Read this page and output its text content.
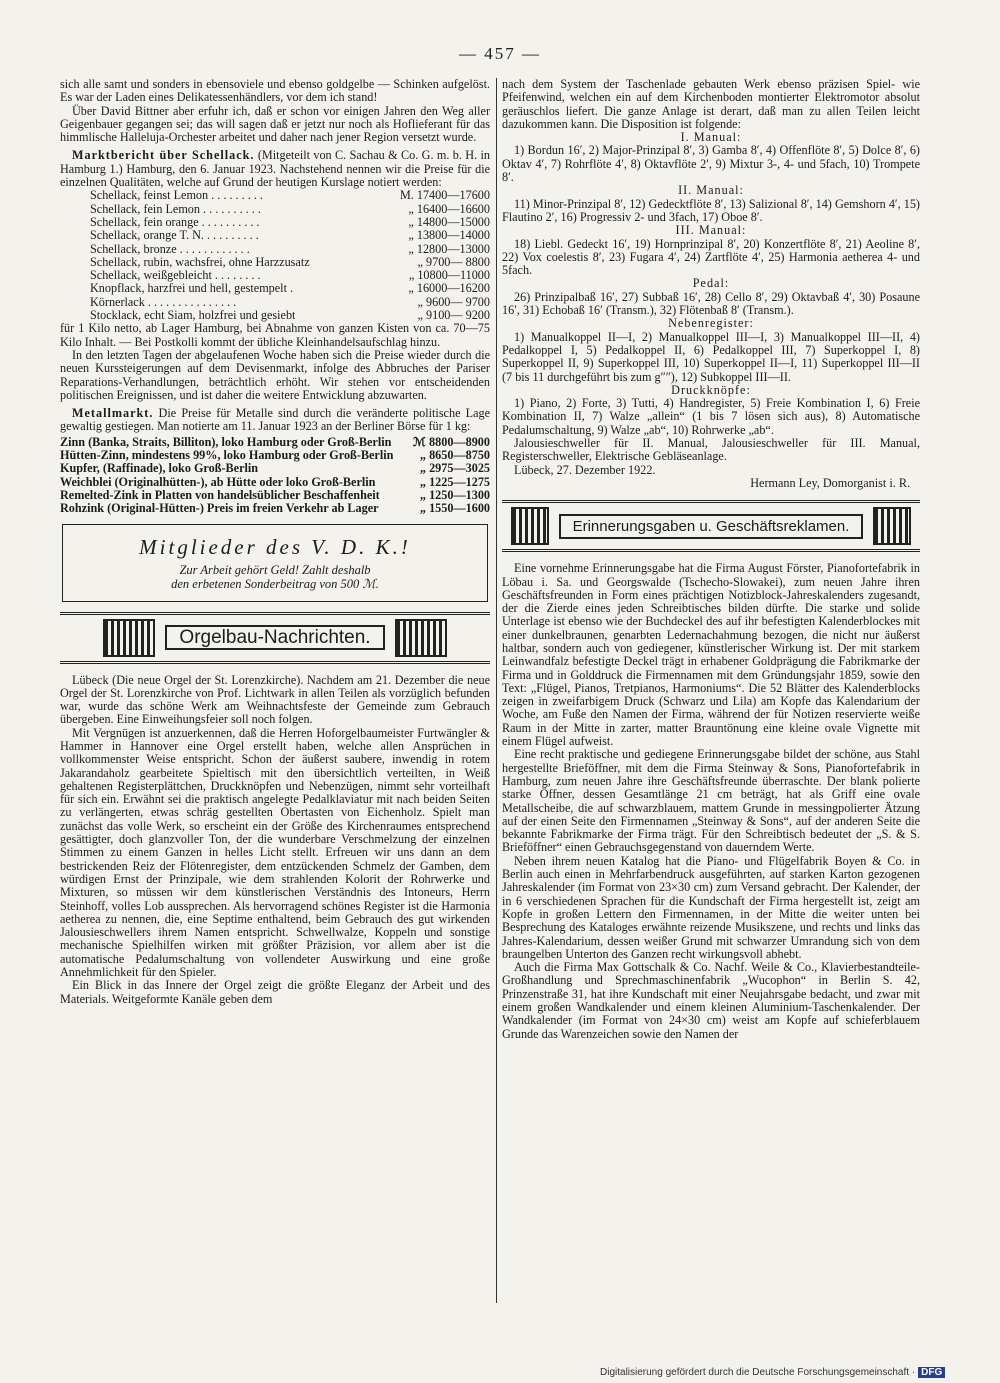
— 457 —

sich alle samt und sonders in ebensoviele und ebenso goldgelbe — Schinken aufgelöst. Es war der Laden eines Delikatessenhändlers, vor dem ich stand!

Über David Bittner aber erfuhr ich, daß er schon vor einigen Jahren den Weg aller Geigenbauer gegangen sei; das will sagen daß er jetzt nur noch als Hoflieferant für das himmlische Halleluja-Orchester arbeitet und daher nach jener Region versetzt wurde.

Marktbericht über Schellack. (Mitgeteilt von C. Sachau & Co. G. m. b. H. in Hamburg 1.) Hamburg, den 6. Januar 1923. Nachstehend nennen wir die Preise für die einzelnen Qualitäten, welche auf Grund der heutigen Kurslage notiert werden:

Schellack, feinst Lemon . . . . . . . . .	M. 17400—17600
Schellack, fein Lemon . . . . . . . . . .	„ 16400—16600
Schellack, fein orange . . . . . . . . . .	„ 14800—15000
Schellack, orange T. N. . . . . . . . . .	„ 13800—14000
Schellack, bronze . . . . . . . . . . . .	„ 12800—13000
Schellack, rubin, wachsfrei, ohne Harzzusatz	„ 9700— 8800
Schellack, weißgebleicht . . . . . . . .	„ 10800—11000
Knopflack, harzfrei und hell, gestempelt .	„ 16000—16200
Körnerlack . . . . . . . . . . . . . . .	„ 9600— 9700
Stocklack, echt Siam, holzfrei und gesiebt	„ 9100— 9200

für 1 Kilo netto, ab Lager Hamburg, bei Abnahme von ganzen Kisten von ca. 70—75 Kilo Inhalt. — Bei Postkolli kommt der übliche Kleinhandelsaufschlag hinzu.

In den letzten Tagen der abgelaufenen Woche haben sich die Preise wieder durch die neuen Kurssteigerungen auf dem Devisenmarkt, infolge des Abbruches der Pariser Reparations-Verhandlungen, beträchtlich erhöht. Wir stehen vor entscheidenden politischen Ereignissen, und ist daher die weitere Entwicklung abzuwarten.

Metallmarkt. Die Preise für Metalle sind durch die veränderte politische Lage gewaltig gestiegen. Man notierte am 11. Januar 1923 an der Berliner Börse für 1 kg:

Zinn (Banka, Straits, Billiton), loko Hamburg oder Groß-Berlin	ℳ 8800—8900
Hütten-Zinn, mindestens 99%, loko Hamburg oder Groß-Berlin	„ 8650—8750
Kupfer, (Raffinade), loko Groß-Berlin	„ 2975—3025
Weichblei (Originalhütten-), ab Hütte oder loko Groß-Berlin	„ 1225—1275
Remelted-Zink in Platten von handelsüblicher Beschaffenheit	„ 1250—1300
Rohzink (Original-Hütten-) Preis im freien Verkehr ab Lager	„ 1550—1600
Mitglieder des V. D. K.!
Zur Arbeit gehört Geld! Zahlt deshalb
den erbetenen Sonderbeitrag von 500 ℳ.
Orgelbau-Nachrichten.

Lübeck (Die neue Orgel der St. Lorenzkirche). Nachdem am 21. Dezember die neue Orgel der St. Lorenzkirche von Prof. Lichtwark in allen Teilen als vorzüglich befunden war, wurde das schöne Werk am Weihnachtsfeste der Gemeinde zum Gebrauch übergeben. Eine Einweihungsfeier soll noch folgen.

Mit Vergnügen ist anzuerkennen, daß die Herren Hoforgelbaumeister Furtwängler & Hammer in Hannover eine Orgel erstellt haben, welche allen Ansprüchen in vollkommenster Weise entspricht. Schon der äußerst saubere, inwendig in rotem Jakarandaholz gearbeitete Spieltisch mit den übersichtlich verteilten, in Weiß gehaltenen Registerplättchen, Druckknöpfen und Nebenzügen, nimmt sehr vorteilhaft für sich ein. Erwähnt sei die praktisch angelegte Pedalklaviatur mit nach beiden Seiten zu verlängerten, etwas schräg gestellten Obertasten von Eichenholz. Spielt man zunächst das volle Werk, so erscheint ein der Größe des Kirchenraumes entsprechend gesättigter, doch glanzvoller Ton, der die wunderbare Verschmelzung der einzelnen Stimmen zu einem Ganzen in helles Licht stellt. Erfreuen wir uns dann an dem bestrickenden Reiz der Flötenregister, dem entzückenden Schmelz der Gamben, dem würdigen Ernst der Prinzipale, wie dem strahlenden Kolorit der Rohrwerke und Mixturen, so müssen wir dem künstlerischen Verständnis des Intoneurs, Herrn Steinhoff, volles Lob aussprechen. Als hervorragend schönes Register ist die Harmonia aetherea zu nennen, die, eine Septime enthaltend, beim Gebrauch des gut wirkenden Jalousieschwellers ihrem Namen entspricht. Schwellwalze, Koppeln und sonstige mechanische Spielhilfen wirken mit größter Präzision, vor allem aber ist die automatische Pedalumschaltung von vollendeter Auswirkung und eine große Annehmlichkeit für den Spieler.

Ein Blick in das Innere der Orgel zeigt die größte Eleganz der Arbeit und des Materials. Weitgeformte Kanäle geben dem

nach dem System der Taschenlade gebauten Werk ebenso präzisen Spiel- wie Pfeifenwind, welchen ein auf dem Kirchenboden montierter Elektromotor absolut geräuschlos liefert. Die ganze Anlage ist derart, daß man zu allen Teilen leicht dazukommen kann. Die Disposition ist folgende:

I. Manual:

1) Bordun 16′, 2) Major-Prinzipal 8′, 3) Gamba 8′, 4) Offenflöte 8′, 5) Dolce 8′, 6) Oktav 4′, 7) Rohrflöte 4′, 8) Oktavflöte 2′, 9) Mixtur 3-, 4- und 5fach, 10) Trompete 8′.

II. Manual:

11) Minor-Prinzipal 8′, 12) Gedecktflöte 8′, 13) Salizional 8′, 14) Gemshorn 4′, 15) Flautino 2′, 16) Progressiv 2- und 3fach, 17) Oboe 8′.

III. Manual:

18) Liebl. Gedeckt 16′, 19) Hornprinzipal 8′, 20) Konzertflöte 8′, 21) Aeoline 8′, 22) Vox coelestis 8′, 23) Fugara 4′, 24) Zartflöte 4′, 25) Harmonia aetherea 4- und 5fach.

Pedal:

26) Prinzipalbaß 16′, 27) Subbaß 16′, 28) Cello 8′, 29) Oktavbaß 4′, 30) Posaune 16′, 31) Echobaß 16′ (Transm.), 32) Flötenbaß 8′ (Transm.).

Nebenregister:

1) Manualkoppel II—I, 2) Manualkoppel III—I, 3) Manualkoppel III—II, 4) Pedalkoppel I, 5) Pedalkoppel II, 6) Pedalkoppel III, 7) Superkoppel I, 8) Superkoppel II, 9) Superkoppel III, 10) Superkoppel II—I, 11) Superkoppel III—II (7 bis 11 durchgeführt bis zum g″″), 12) Subkoppel III—II.

Druckknöpfe:

1) Piano, 2) Forte, 3) Tutti, 4) Handregister, 5) Freie Kombination I, 6) Freie Kombination II, 7) Walze „allein“ (1 bis 7 lösen sich aus), 8) Automatische Pedalumschaltung, 9) Walze „ab“, 10) Rohrwerke „ab“.

Jalousieschweller für II. Manual, Jalousieschweller für III. Manual, Registerschweller, Elektrische Gebläseanlage.

Lübeck, 27. Dezember 1922.

Hermann Ley, Domorganist i. R.

Erinnerungsgaben u. Geschäftsreklamen.

Eine vornehme Erinnerungsgabe hat die Firma August Förster, Pianofortefabrik in Löbau i. Sa. und Georgswalde (Tschecho-Slowakei), zum neuen Jahre ihren Geschäftsfreunden in Form eines prächtigen Notizblock-Jahreskalenders zugesandt, der die Zierde eines jeden Schreibtisches bilden dürfte. Die starke und solide Unterlage ist ebenso wie der Buchdeckel des auf ihr befestigten Kalenderblockes mit einer dunkelbraunen, genarbten Ledernachahmung bezogen, die nicht nur äußerst haltbar, sondern auch von gediegener, künstlerischer Wirkung ist. Der mit starkem Leinwandfalz befestigte Deckel trägt in erhabener Goldprägung die Fabrikmarke der Firma und in Golddruck die Firmennamen mit dem Gründungsjahr 1859, sowie den Text: „Flügel, Pianos, Tretpianos, Harmoniums“. Die 52 Blätter des Kalenderblocks zeigen in zweifarbigem Druck (Schwarz und Lila) am Kopfe das Kalendarium der Woche, am Fuße den Namen der Firma, während der für Notizen reservierte weiße Raum in der Mitte in zarter, matter Brauntönung eine kleine ovale Vignette mit einem Flügel aufweist.

Eine recht praktische und gediegene Erinnerungsgabe bildet der schöne, aus Stahl hergestellte Brieföffner, mit dem die Firma Steinway & Sons, Pianofortefabrik in Hamburg, zum neuen Jahre ihre Geschäftsfreunde überraschte. Der blank polierte starke Öffner, dessen Gesamtlänge 21 cm beträgt, hat als Griff eine ovale Metallscheibe, die auf schwarzblauem, mattem Grunde in messingpolierter Ätzung auf der einen Seite den Firmennamen „Steinway & Sons“, auf der anderen Seite die bekannte Fabrikmarke der Firma trägt. Für den Schreibtisch bedeutet der „S. & S. Brieföffner“ einen Gebrauchsgegenstand von dauerndem Werte.

Neben ihrem neuen Katalog hat die Piano- und Flügelfabrik Boyen & Co. in Berlin auch einen in Mehrfarbendruck ausgeführten, auf starken Karton gezogenen Jahreskalender (im Format von 23×30 cm) zum Versand gebracht. Der Kalender, der in 6 verschiedenen Sprachen für die Kundschaft der Firma hergestellt ist, zeigt am Kopfe in großen Lettern den Firmennamen, in der Mitte die weiter unten bei Besprechung des Kataloges erwähnte reizende Musikszene, und rechts und links das Jahres-Kalendarium, dessen weißer Grund mit schwarzer Umrandung sich von dem braungelben Unterton des Ganzen recht wirkungsvoll abhebt.

Auch die Firma Max Gottschalk & Co. Nachf. Weile & Co., Klavierbestandteile-Großhandlung und Sprechmaschinenfabrik „Wucophon“ in Berlin S. 42, Prinzenstraße 31, hat ihre Kundschaft mit einer Neujahrsgabe bedacht, und zwar mit einem großen Wandkalender und einem kleinen Aluminium-Taschenkalender. Der Wandkalender (im Format von 24×30 cm) weist am Kopfe auf schieferblauem Grunde das Warenzeichen sowie den Namen der

Digitalisierung gefördert durch die Deutsche Forschungsgemeinschaft · DFG
